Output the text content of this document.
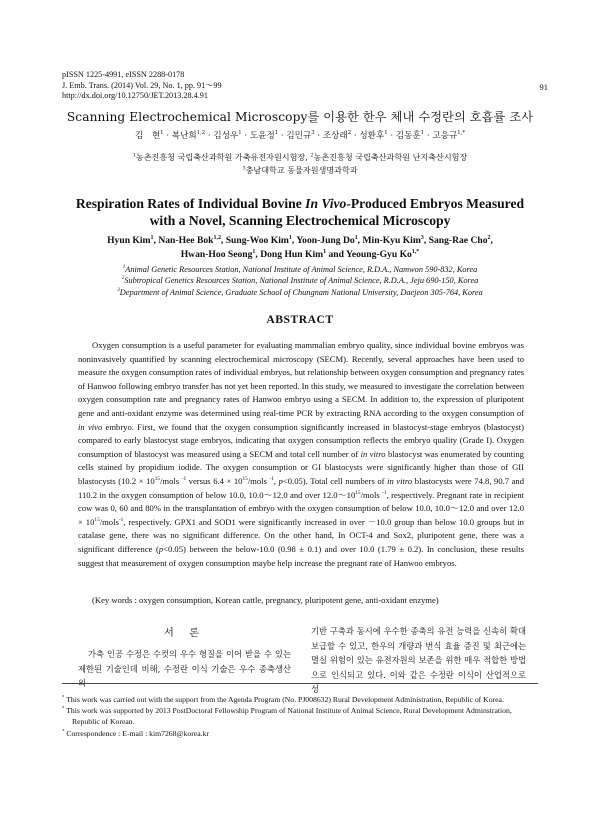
pISSN 1225-4991, eISSN 2288-0178
J. Emb. Trans. (2014) Vol. 29, No. 1, pp. 91～99
http://dx.doi.org/10.12750/JET.2013.28.4.91
91
Scanning Electrochemical Microscopy를 이용한 한우 체내 수정란의 호흡률 조사
김　현$^1$ · 복난희$^{1,2}$ · 김성우$^1$ · 도윤정$^1$ · 김민규$^3$ · 조상래$^2$ · 성환후$^1$ · 김동훈$^1$ · 고응규$^{1,*}$
$^1$농촌진흥청 국립축산과학원 가축유전자원시험장, $^2$농촌진흥청 국립축산과학원 난지축산시험장
$^3$충남대학교 동물자원생명과학과
Respiration Rates of Individual Bovine In Vivo-Produced Embryos Measured
with a Novel, Scanning Electrochemical Microscopy
Hyun Kim$^1$, Nan-Hee Bok$^{1,2}$, Sung-Woo Kim$^1$, Yoon-Jung Do$^1$, Min-Kyu Kim$^3$, Sang-Rae Cho$^2$,
Hwan-Hoo Seong$^1$, Dong Hun Kim$^1$ and Yeoung-Gyu $Ko^{1,*}$
$^1$Animal Genetic Resources Station, National Institute of Animal Science, R.D.A., Namwon 590-832, Korea
$^2$Subtropical Genetics Resources Station, National Institute of Animal Science, R.D.A., Jeju 690-150, Korea
$^3$Department of Animal Science, Graduate School of Chungnam National University, Daejeon 305-764, Korea
ABSTRACT
Oxygen consumption is a useful parameter for evaluating mammalian embryo quality, since individual bovine embryos was noninvasively quantified by scanning electrochemical microscopy (SECM). Recently, several approaches have been used to measure the oxygen consumption rates of individual embryos, but relationship between oxygen consumption and pregnancy rates of Hanwoo following embryo transfer has not yet been reported. In this study, we measured to investigate the correlation between oxygen consumption rate and pregnancy rates of Hanwoo embryo using a SECM. In addition to, the expression of pluripotent gene and anti-oxidant enzyme was determined using real-time PCR by extracting RNA according to the oxygen consumption of in vivo embryo. First, we found that the oxygen consumption significantly increased in blastocyst-stage embryos (blastocyst) compared to early blastocyst stage embryos, indicating that oxygen consumption reflects the embryo quality (Grade I). Oxygen consumption of blastocyst was measured using a SECM and total cell number of in vitro blastocyst was enumerated by counting cells stained by propidium iodide. The oxygen consumption or GI blastocysts were significantly higher than those of GII blastocysts ($10.2 \times 10^{15}$/mols $^{-1}$ versus $6.4 \times 10^{15}$/mols $^{-1}$, p<0.05). Total cell numbers of in vitro blastocysts were 74.8, 90.7 and 110.2 in the oxygen consumption of below 10.0, 10.0～12.0 and over $12.0\sim 10^{15}$/mols $^{-1}$, respectively. Pregnant rate in recipient cow was 0, 60 and 80% in the transplantation of embryo with the oxygen consumption of below 10.0, 10.0～12.0 and over $12.0 \times 10^{15}/mols^{-1}$, respectively. GPX1 and SOD1 were significantly increased in over －10.0 group than below 10.0 groups but in catalase gene, there was no significant difference. On the other hand, In OCT-4 and Sox2, pluripotent gene, there was a significant difference (p<0.05) between the below-10.0 (0.98 ± 0.1) and over 10.0 (1.79 ± 0.2). In conclusion, these results suggest that measurement of oxygen consumption maybe help increase the pregnant rate of Hanwoo embryos.
(Key words : oxygen consumption, Korean cattle, pregnancy, pluripotent gene, anti-oxidant enzyme)
서 론
가축 인공 수정은 수컷의 우수 형질을 이어 받을 수 있는 제한된 기술인데 비해, 수정란 이식 기술은 우수 종축생산의
기반 구축과 동시에 우수한 종축의 유전 능력을 신속히 확대 보급할 수 있고, 한우의 개량과 번식 효율 증진 및 최근에는 멸실 위험이 있는 유전자원의 보존을 위한 매우 적합한 방법으로 인식되고 있다. 이와 같은 수정란 이식이 산업적으로 성
* This work was carried out with the support from the Agenda Program (No. PJ008632) Rural Development Administration, Republic of Korea.
* This work was supported by 2013 PostDoctoral Fellowship Program of National Institute of Animal Science, Rural Development Adminstration, Republic of Korean.
* Correspondence : E-mail : kim7268@korea.kr
